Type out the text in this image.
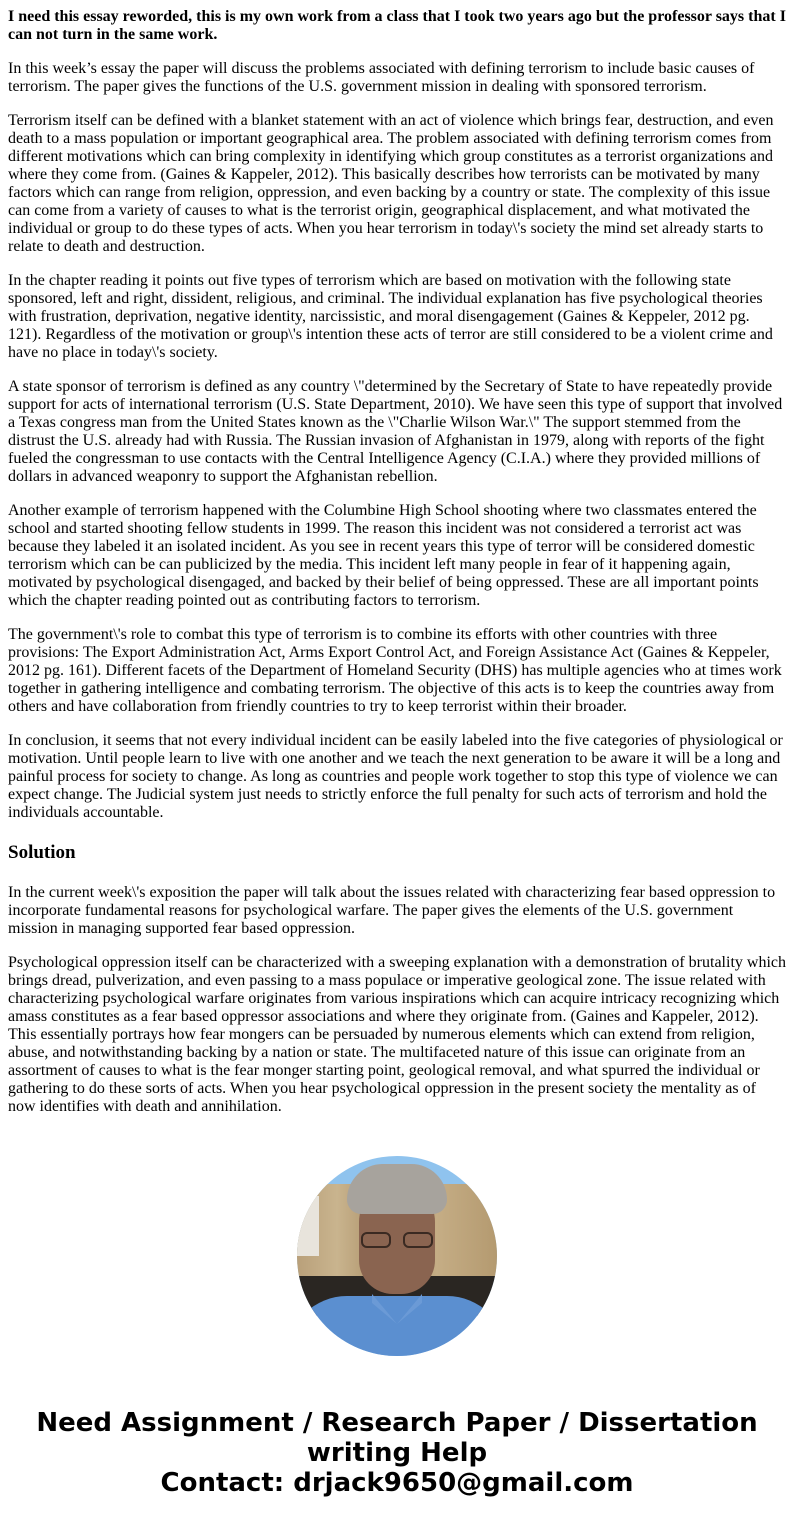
I need this essay reworded, this is my own work from a class that I took two years ago but the professor says that I can not turn in the same work.

In this week’s essay the paper will discuss the problems associated with defining terrorism to include basic causes of terrorism. The paper gives the functions of the U.S. government mission in dealing with sponsored terrorism.

Terrorism itself can be defined with a blanket statement with an act of violence which brings fear, destruction, and even death to a mass population or important geographical area. The problem associated with defining terrorism comes from different motivations which can bring complexity in identifying which group constitutes as a terrorist organizations and where they come from. (Gaines & Kappeler, 2012). This basically describes how terrorists can be motivated by many factors which can range from religion, oppression, and even backing by a country or state. The complexity of this issue can come from a variety of causes to what is the terrorist origin, geographical displacement, and what motivated the individual or group to do these types of acts. When you hear terrorism in today\'s society the mind set already starts to relate to death and destruction.

In the chapter reading it points out five types of terrorism which are based on motivation with the following state sponsored, left and right, dissident, religious, and criminal. The individual explanation has five psychological theories with frustration, deprivation, negative identity, narcissistic, and moral disengagement (Gaines & Keppeler, 2012 pg. 121). Regardless of the motivation or group\'s intention these acts of terror are still considered to be a violent crime and have no place in today\'s society.

A state sponsor of terrorism is defined as any country \"determined by the Secretary of State to have repeatedly provide support for acts of international terrorism (U.S. State Department, 2010). We have seen this type of support that involved a Texas congress man from the United States known as the \"Charlie Wilson War.\" The support stemmed from the distrust the U.S. already had with Russia. The Russian invasion of Afghanistan in 1979, along with reports of the fight fueled the congressman to use contacts with the Central Intelligence Agency (C.I.A.) where they provided millions of dollars in advanced weaponry to support the Afghanistan rebellion.

Another example of terrorism happened with the Columbine High School shooting where two classmates entered the school and started shooting fellow students in 1999. The reason this incident was not considered a terrorist act was because they labeled it an isolated incident. As you see in recent years this type of terror will be considered domestic terrorism which can be can publicized by the media. This incident left many people in fear of it happening again, motivated by psychological disengaged, and backed by their belief of being oppressed. These are all important points which the chapter reading pointed out as contributing factors to terrorism.

The government\'s role to combat this type of terrorism is to combine its efforts with other countries with three provisions: The Export Administration Act, Arms Export Control Act, and Foreign Assistance Act (Gaines & Keppeler, 2012 pg. 161). Different facets of the Department of Homeland Security (DHS) has multiple agencies who at times work together in gathering intelligence and combating terrorism. The objective of this acts is to keep the countries away from others and have collaboration from friendly countries to try to keep terrorist within their broader.

In conclusion, it seems that not every individual incident can be easily labeled into the five categories of physiological or motivation. Until people learn to live with one another and we teach the next generation to be aware it will be a long and painful process for society to change. As long as countries and people work together to stop this type of violence we can expect change. The Judicial system just needs to strictly enforce the full penalty for such acts of terrorism and hold the individuals accountable.

Solution

In the current week\'s exposition the paper will talk about the issues related with characterizing fear based oppression to incorporate fundamental reasons for psychological warfare. The paper gives the elements of the U.S. government mission in managing supported fear based oppression.

Psychological oppression itself can be characterized with a sweeping explanation with a demonstration of brutality which brings dread, pulverization, and even passing to a mass populace or imperative geological zone. The issue related with characterizing psychological warfare originates from various inspirations which can acquire intricacy recognizing which amass constitutes as a fear based oppressor associations and where they originate from. (Gaines and Kappeler, 2012). This essentially portrays how fear mongers can be persuaded by numerous elements which can extend from religion, abuse, and notwithstanding backing by a nation or state. The multifaceted nature of this issue can originate from an assortment of causes to what is the fear monger starting point, geological removal, and what spurred the individual or gathering to do these sorts of acts. When you hear psychological oppression in the present society the mentality as of now identifies with death and annihilation.

Need Assignment / Research Paper / Dissertation
writing Help
Contact: drjack9650@gmail.com
